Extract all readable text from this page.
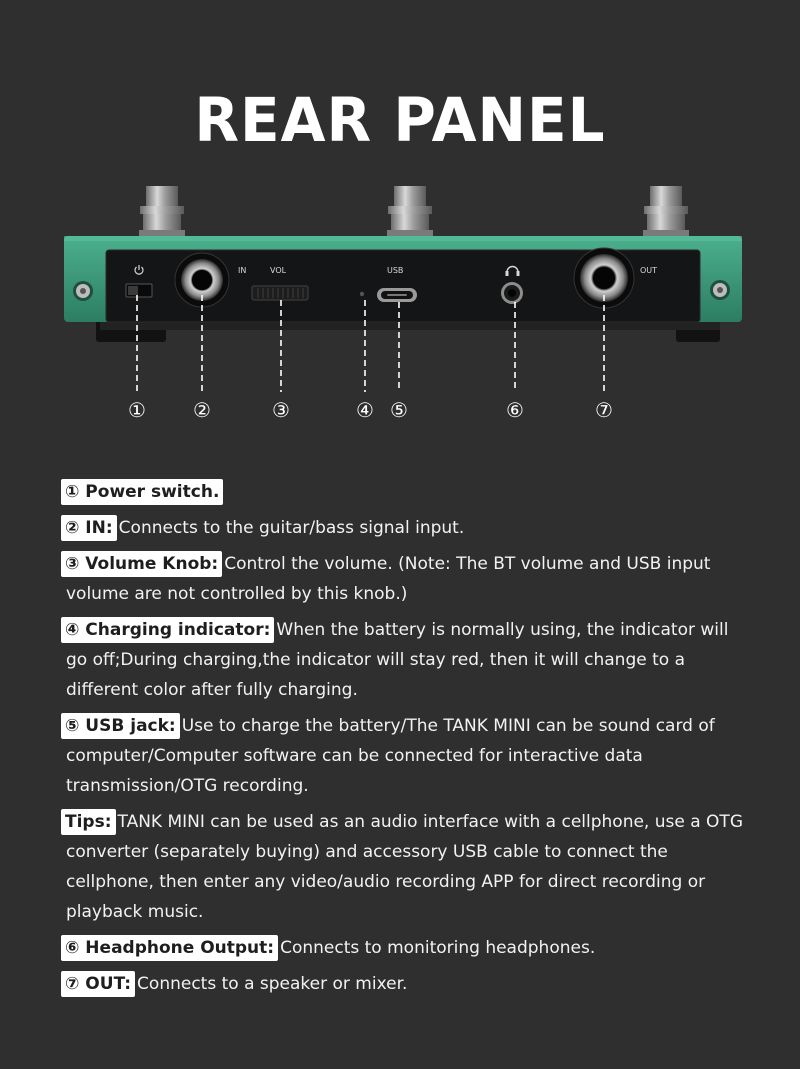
REAR PANEL
IN	VOL	USB	OUT
① ②	③	④ ⑤	⑥	⑦

① Power switch.

② IN: Connects to the guitar/bass signal input.

③ Volume Knob: Control the volume. (Note: The BT volume and USB input volume are not controlled by this knob.)

④ Charging indicator: When the battery is normally using, the indicator will go off;During charging,the indicator will stay red, then it will change to a different color after fully charging.

⑤ USB jack: Use to charge the battery/The TANK MINI can be sound card of computer/Computer software can be connected for interactive data transmission/OTG recording.

Tips: TANK MINI can be used as an audio interface with a cellphone, use a OTG converter (separately buying) and accessory USB cable to connect the cellphone, then enter any video/audio recording APP for direct recording or playback music.

⑥ Headphone Output: Connects to monitoring headphones.

⑦ OUT: Connects to a speaker or mixer.
